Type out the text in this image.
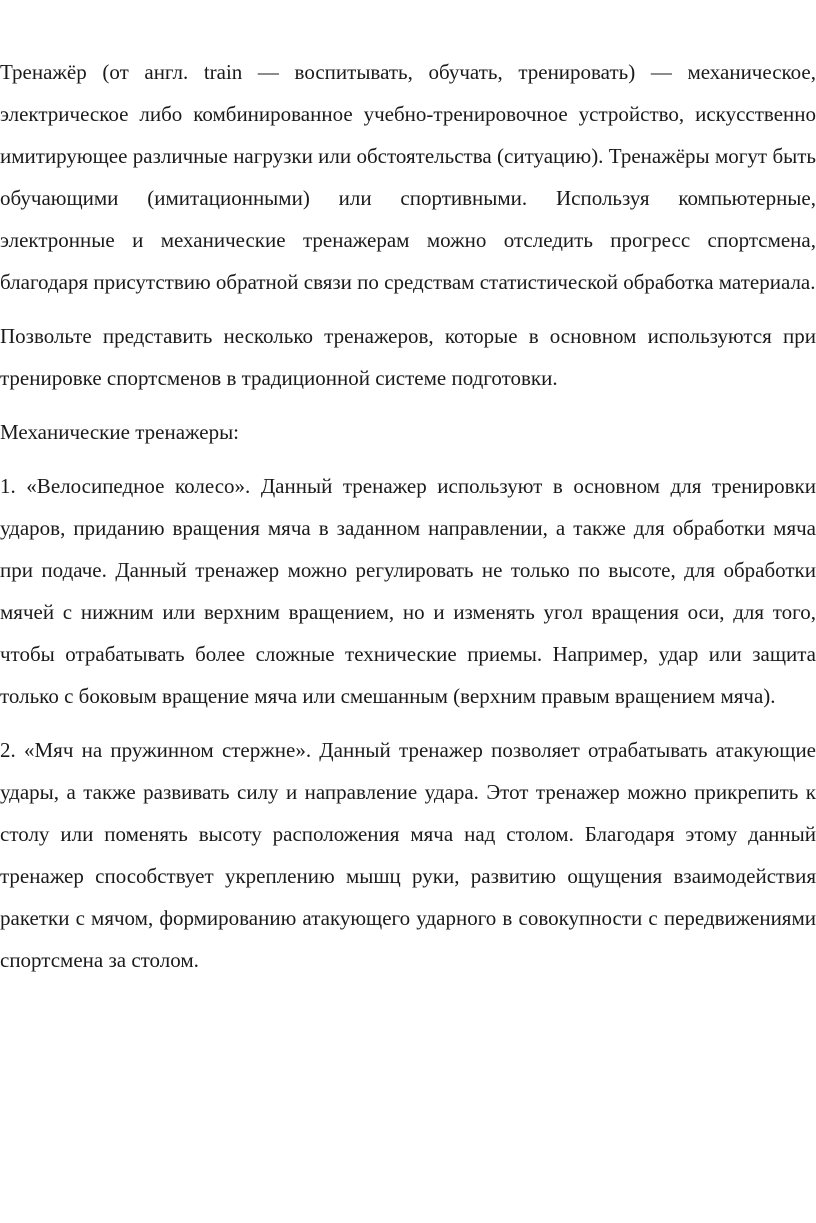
Тренажёр (от англ. train — воспитывать, обучать, тренировать) — механическое, электрическое либо комбинированное учебно-тренировочное устройство, искусственно имитирующее различные нагрузки или обстоятельства (ситуацию). Тренажёры могут быть обучающими (имитационными) или спортивными. Используя компьютерные, электронные и механические тренажерам можно отследить прогресс спортсмена, благодаря присутствию обратной связи по средствам статистической обработка материала.

Позвольте представить несколько тренажеров, которые в основном используются при тренировке спортсменов в традиционной системе подготовки.

Механические тренажеры:

1. «Велосипедное колесо». Данный тренажер используют в основном для тренировки ударов, приданию вращения мяча в заданном направлении, а также для обработки мяча при подаче. Данный тренажер можно регулировать не только по высоте, для обработки мячей с нижним или верхним вращением, но и изменять угол вращения оси, для того, чтобы отрабатывать более сложные технические приемы. Например, удар или защита только с боковым вращение мяча или смешанным (верхним правым вращением мяча).

2. «Мяч на пружинном стержне». Данный тренажер позволяет отрабатывать атакующие удары, а также развивать силу и направление удара. Этот тренажер можно прикрепить к столу или поменять высоту расположения мяча над столом. Благодаря этому данный тренажер способствует укреплению мышц руки, развитию ощущения взаимодействия ракетки с мячом, формированию атакующего ударного в совокупности с передвижениями спортсмена за столом.
